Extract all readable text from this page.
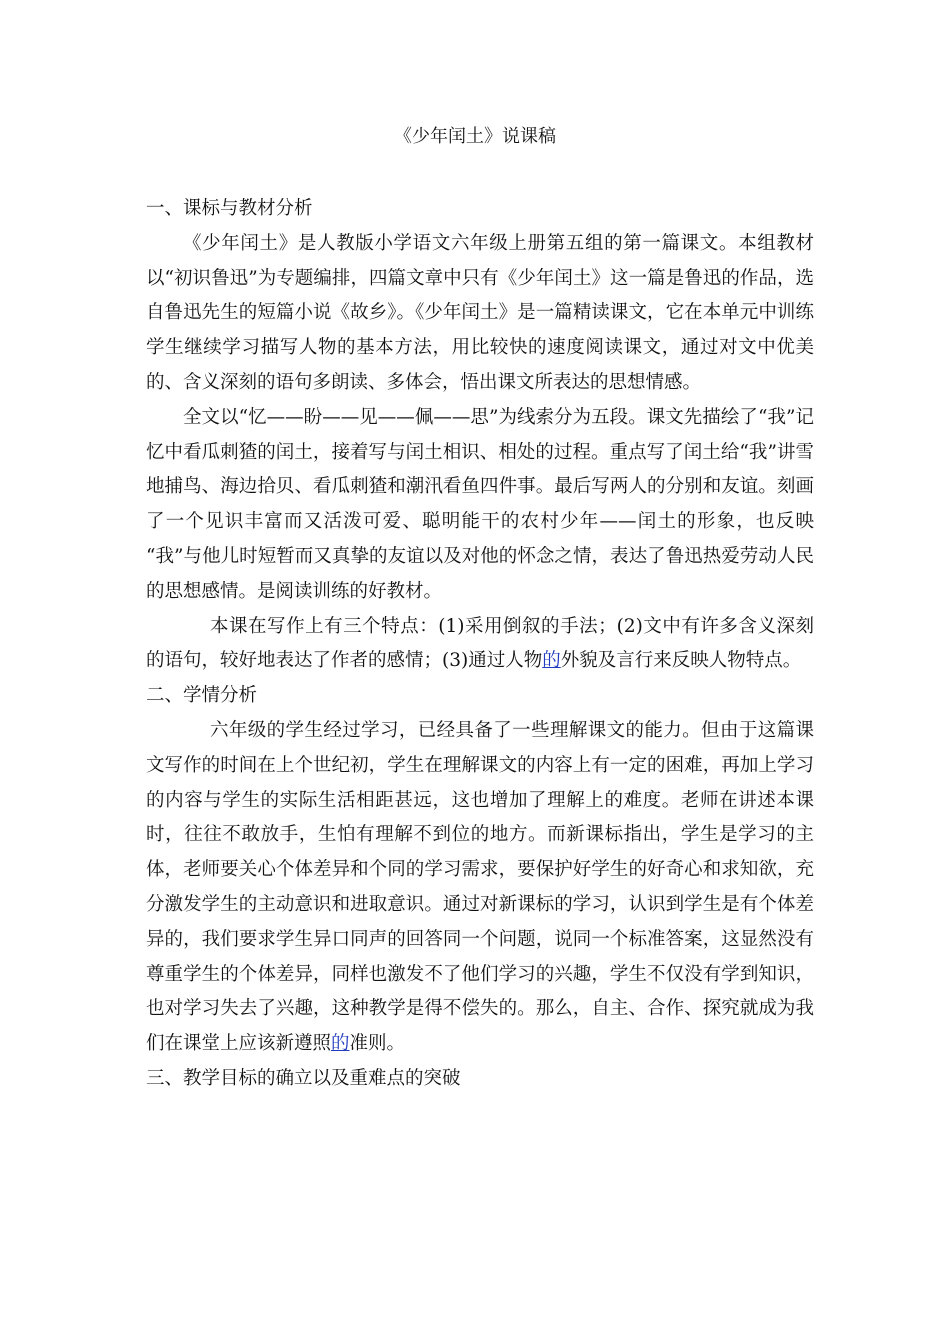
《少年闰土》说课稿

一、课标与教材分析

《少年闰土》是人教版小学语文六年级上册第五组的第一篇课文。本组教材以“初识鲁迅”为专题编排，四篇文章中只有《少年闰土》这一篇是鲁迅的作品，选自鲁迅先生的短篇小说《故乡》。《少年闰土》是一篇精读课文，它在本单元中训练学生继续学习描写人物的基本方法，用比较快的速度阅读课文，通过对文中优美的、含义深刻的语句多朗读、多体会，悟出课文所表达的思想情感。

全文以“忆——盼——见——佩——思”为线索分为五段。课文先描绘了“我”记忆中看瓜刺猹的闰土，接着写与闰土相识、相处的过程。重点写了闰土给“我”讲雪地捕鸟、海边拾贝、看瓜刺猹和潮汛看鱼四件事。最后写两人的分别和友谊。刻画了一个见识丰富而又活泼可爱、聪明能干的农村少年——闰土的形象，也反映 “我”与他儿时短暂而又真挚的友谊以及对他的怀念之情，表达了鲁迅热爱劳动人民的思想感情。是阅读训练的好教材。

本课在写作上有三个特点：(1)采用倒叙的手法；(2)文中有许多含义深刻的语句，较好地表达了作者的感情；(3)通过人物的外貌及言行来反映人物特点。

二、学情分析

六年级的学生经过学习，已经具备了一些理解课文的能力。但由于这篇课文写作的时间在上个世纪初，学生在理解课文的内容上有一定的困难，再加上学习的内容与学生的实际生活相距甚远，这也增加了理解上的难度。老师在讲述本课时，往往不敢放手，生怕有理解不到位的地方。而新课标指出，学生是学习的主体，老师要关心个体差异和个同的学习需求，要保护好学生的好奇心和求知欲，充分激发学生的主动意识和进取意识。通过对新课标的学习，认识到学生是有个体差异的，我们要求学生异口同声的回答同一个问题，说同一个标准答案，这显然没有尊重学生的个体差异，同样也激发不了他们学习的兴趣，学生不仅没有学到知识，也对学习失去了兴趣，这种教学是得不偿失的。那么，自主、合作、探究就成为我们在课堂上应该新遵照的准则。

三、教学目标的确立以及重难点的突破
